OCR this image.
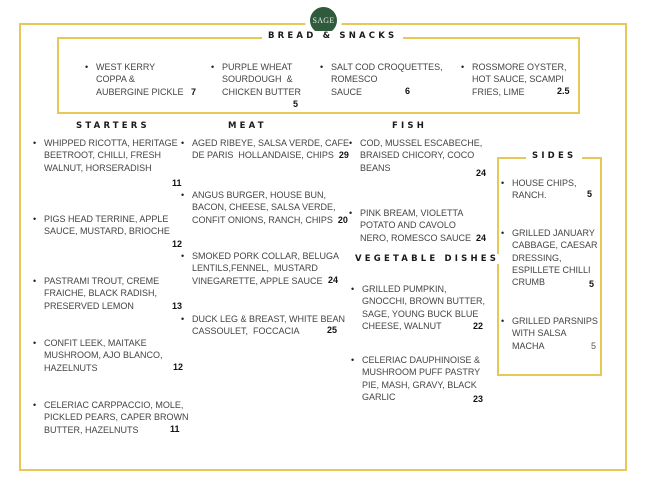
SAGE
BREAD & SNACKS
STARTERS	MEAT	FISH
VEGETABLE DISHES
SIDES
• WEST KERRY
COPPA &
AUBERGINE PICKLE 7
• PURPLE WHEAT
SOURDOUGH  &
CHICKEN BUTTER
5
• SALT COD CROQUETTES,
ROMESCO
SAUCE	6
• ROSSMORE OYSTER,
HOT SAUCE, SCAMPI
FRIES, LIME	2.5
• WHIPPED RICOTTA, HERITAGE
BEETROOT, CHILLI, FRESH
WALNUT, HORSERADISH
11
• PIGS HEAD TERRINE, APPLE
SAUCE, MUSTARD, BRIOCHE
12
• PASTRAMI TROUT, CREME
FRAICHE, BLACK RADISH,
PRESERVED LEMON	13
• CONFIT LEEK, MAITAKE
MUSHROOM, AJO BLANCO,
HAZELNUTS	12
• CELERIAC CARPPACCIO, MOLE,
PICKLED PEARS, CAPER BROWN
BUTTER, HAZELNUTS	11
• AGED RIBEYE, SALSA VERDE, CAFE
DE PARIS  HOLLANDAISE, CHIPS 29
• ANGUS BURGER, HOUSE BUN,
BACON, CHEESE, SALSA VERDE,
CONFIT ONIONS, RANCH, CHIPS 20
• SMOKED PORK COLLAR, BELUGA
LENTILS,FENNEL,  MUSTARD
VINEGARETTE, APPLE SAUCE 24
• DUCK LEG & BREAST, WHITE BEAN
CASSOULET,  FOCCACIA	25
• COD, MUSSEL ESCABECHE,
BRAISED CHICORY, COCO
BEANS
24
• PINK BREAM, VIOLETTA
POTATO AND CAVOLO
NERO, ROMESCO SAUCE 24
• GRILLED PUMPKIN,
GNOCCHI, BROWN BUTTER,
SAGE, YOUNG BUCK BLUE
CHEESE, WALNUT	22
• CELERIAC DAUPHINOISE &
MUSHROOM PUFF PASTRY
PIE, MASH, GRAVY, BLACK
GARLIC	23
• HOUSE CHIPS,
RANCH.	5
• GRILLED JANUARY
CABBAGE, CAESAR
DRESSING,
ESPILLETE CHILLI
CRUMB	5
• GRILLED PARSNIPS
WITH SALSA
MACHA	5
